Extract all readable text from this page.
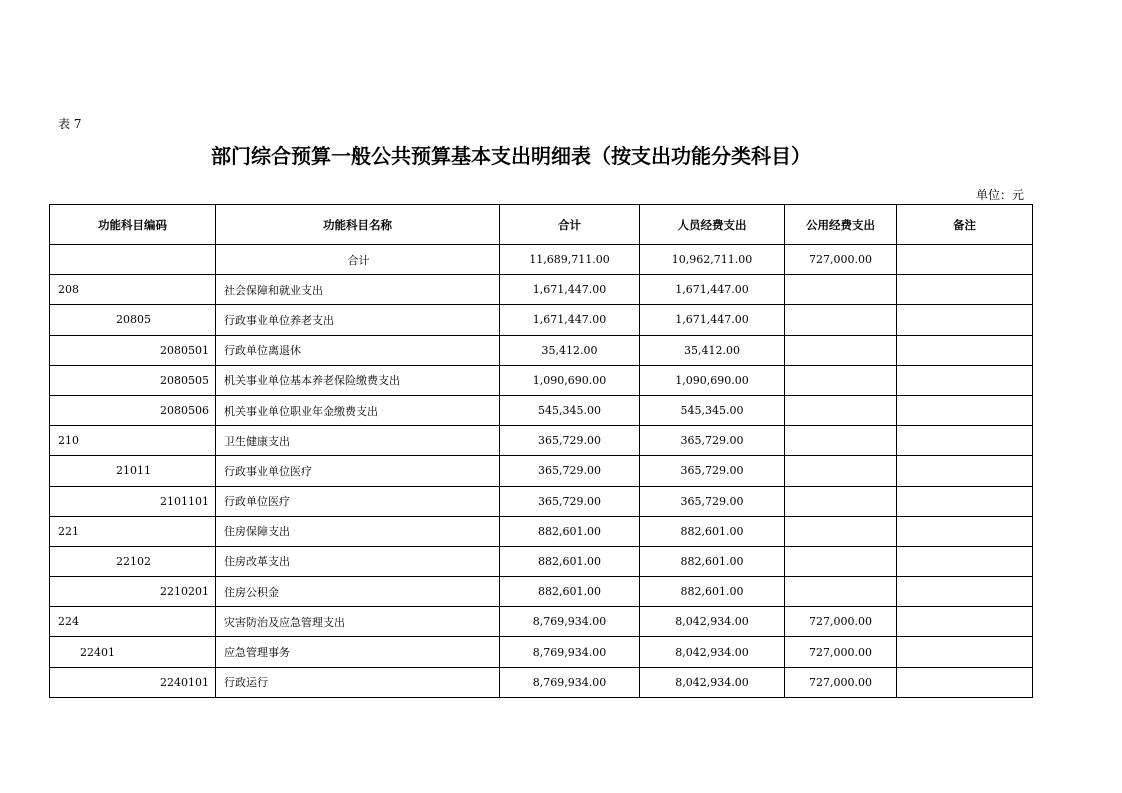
表 7
部门综合预算一般公共预算基本支出明细表（按支出功能分类科目）
单位：元
功能科目编码	功能科目名称	合计	人员经费支出	公用经费支出	备注
	合计	11,689,711.00	10,962,711.00	727,000.00	
208	社会保障和就业支出	1,671,447.00	1,671,447.00		
20805	行政事业单位养老支出	1,671,447.00	1,671,447.00		
2080501	行政单位离退休	35,412.00	35,412.00		
2080505	机关事业单位基本养老保险缴费支出	1,090,690.00	1,090,690.00		
2080506	机关事业单位职业年金缴费支出	545,345.00	545,345.00		
210	卫生健康支出	365,729.00	365,729.00		
21011	行政事业单位医疗	365,729.00	365,729.00		
2101101	行政单位医疗	365,729.00	365,729.00		
221	住房保障支出	882,601.00	882,601.00		
22102	住房改革支出	882,601.00	882,601.00		
2210201	住房公积金	882,601.00	882,601.00		
224	灾害防治及应急管理支出	8,769,934.00	8,042,934.00	727,000.00	
22401	应急管理事务	8,769,934.00	8,042,934.00	727,000.00	
2240101	行政运行	8,769,934.00	8,042,934.00	727,000.00	
